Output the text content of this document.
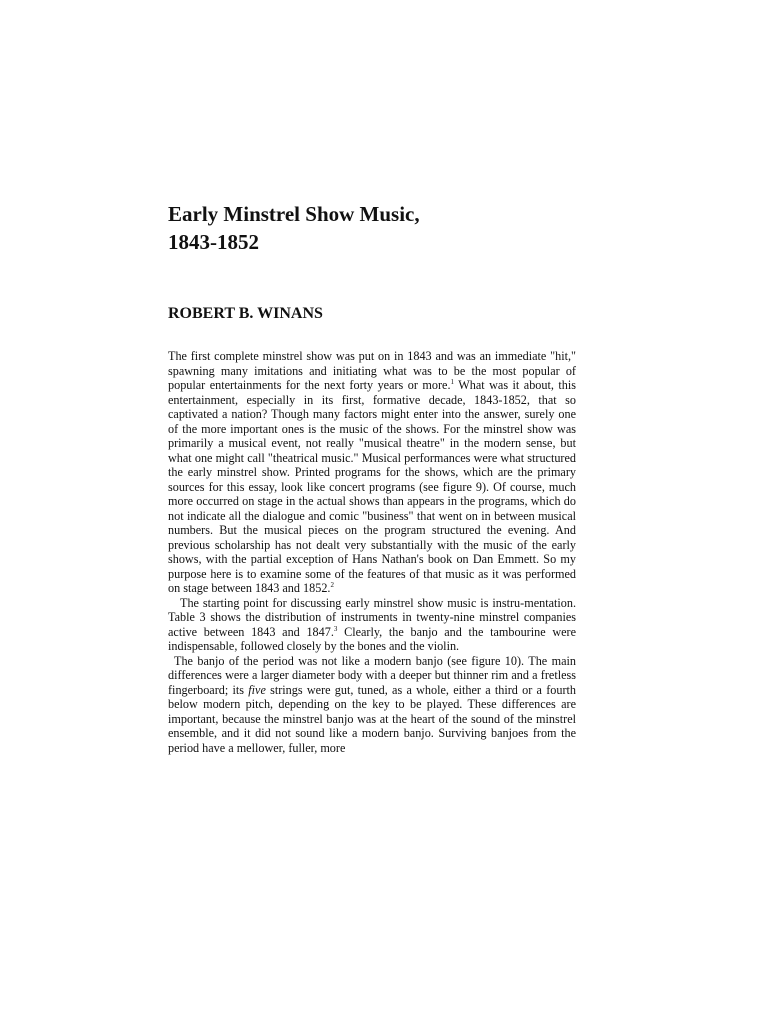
Early Minstrel Show Music,
1843-1852
ROBERT B. WINANS

The first complete minstrel show was put on in 1843 and was an immediate "hit," spawning many imitations and initiating what was to be the most popular of popular entertainments for the next forty years or more.$^1$ What was it about, this entertainment, especially in its first, formative decade, 1843-1852, that so captivated a nation? Though many factors might enter into the answer, surely one of the more important ones is the music of the shows. For the minstrel show was primarily a musical event, not really "musical theatre" in the modern sense, but what one might call "theatrical music." Musical performances were what structured the early minstrel show. Printed programs for the shows, which are the primary sources for this essay, look like concert programs (see figure 9). Of course, much more occurred on stage in the actual shows than appears in the programs, which do not indicate all the dialogue and comic "business" that went on in between musical numbers. But the musical pieces on the program structured the evening. And previous scholarship has not dealt very substantially with the music of the early shows, with the partial exception of Hans Nathan's book on Dan Emmett. So my purpose here is to examine some of the features of that music as it was performed on stage between 1843 and 1852.$^2$

The starting point for discussing early minstrel show music is instru-mentation. Table 3 shows the distribution of instruments in twenty-nine minstrel companies active between 1843 and 1847.$^3$ Clearly, the banjo and the tambourine were indispensable, followed closely by the bones and the violin.

The banjo of the period was not like a modern banjo (see figure 10). The main differences were a larger diameter body with a deeper but thinner rim and a fretless fingerboard; its five strings were gut, tuned, as a whole, either a third or a fourth below modern pitch, depending on the key to be played. These differences are important, because the minstrel banjo was at the heart of the sound of the minstrel ensemble, and it did not sound like a modern banjo. Surviving banjoes from the period have a mellower, fuller, more
